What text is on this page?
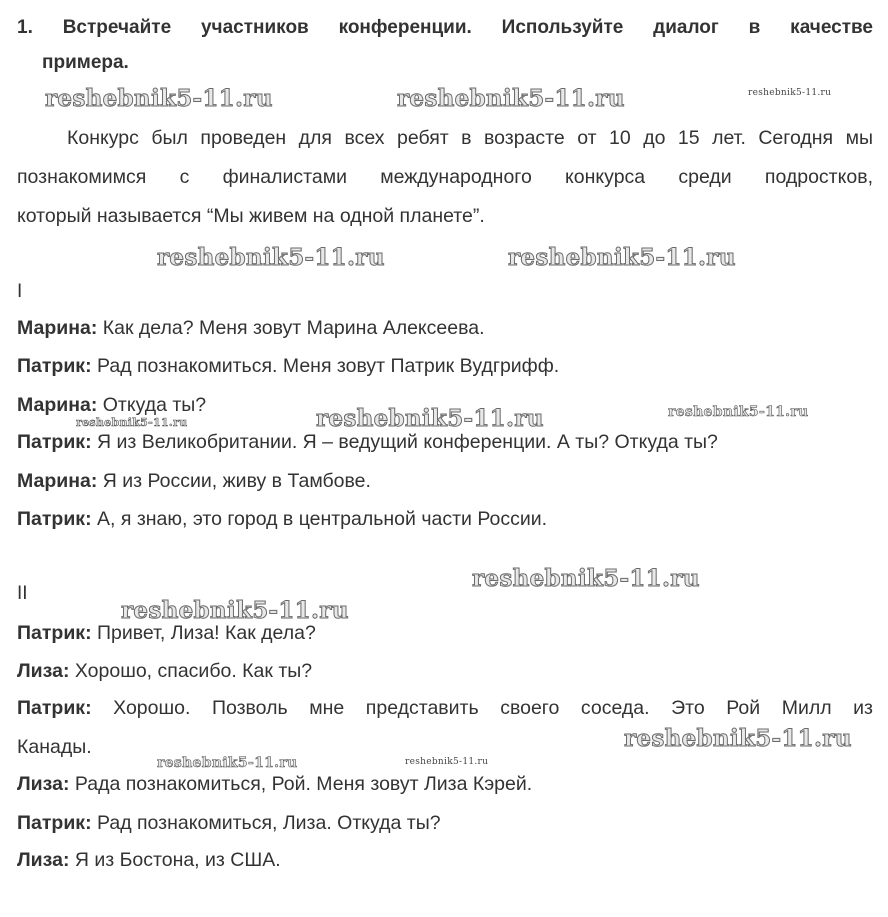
1. Встречайте участников конференции. Используйте диалог в качестве
примера.
Конкурс был проведен для всех ребят в возрасте от 10 до 15 лет. Сегодня мы
познакомимся с финалистами международного конкурса среди подростков,
который называется “Мы живем на одной планете”.
I
Марина: Как дела? Меня зовут Марина Алексеева.
Патрик: Рад познакомиться. Меня зовут Патрик Вудгрифф.
Марина: Откуда ты?
Патрик: Я из Великобритании. Я – ведущий конференции. А ты? Откуда ты?
Марина: Я из России, живу в Тамбове.
Патрик: А, я знаю, это город в центральной части России.
II
Патрик: Привет, Лиза! Как дела?
Лиза: Хорошо, спасибо. Как ты?
Патрик: Хорошо. Позволь мне представить своего соседа. Это Рой Милл из
Канады.
Лиза: Рада познакомиться, Рой. Меня зовут Лиза Кэрей.
Патрик: Рад познакомиться, Лиза. Откуда ты?
Лиза: Я из Бостона, из США.
reshebnik5-11.ru	reshebnik5-11.ru	reshebnik5-11.ru
reshebnik5-11.ru	reshebnik5-11.ru
reshebnik5-11.ru	reshebnik5-11.ru
reshebnik5-11.ru
reshebnik5-11.ru
reshebnik5-11.ru
reshebnik5-11.ru
reshebnik5-11.ru	reshebnik5-11.ru
